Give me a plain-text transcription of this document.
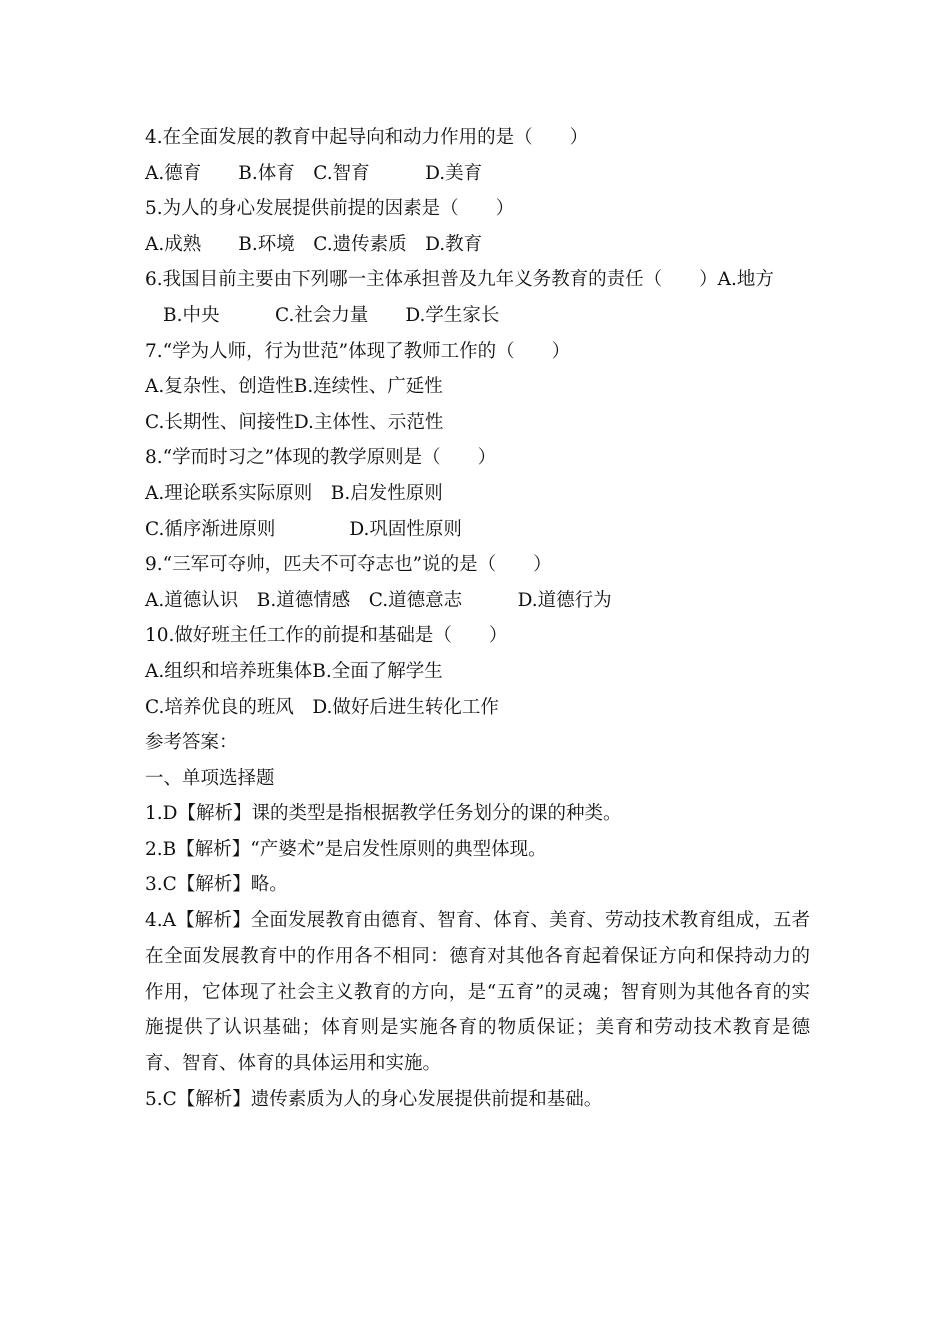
4.在全面发展的教育中起导向和动力作用的是（　　）
A.德育　　B.体育　C.智育　　　D.美育
5.为人的身心发展提供前提的因素是（　　）
A.成熟　　B.环境　C.遗传素质　D.教育
6.我国目前主要由下列哪一主体承担普及九年义务教育的责任（　　）A.地方
B.中央　　　C.社会力量　　D.学生家长
7.“学为人师，行为世范”体现了教师工作的（　　）
A.复杂性、创造性B.连续性、广延性
C.长期性、间接性D.主体性、示范性
8.“学而时习之”体现的教学原则是（　　）
A.理论联系实际原则　B.启发性原则
C.循序渐进原则　　　　D.巩固性原则
9.“三军可夺帅，匹夫不可夺志也”说的是（　　）
A.道德认识　B.道德情感　C.道德意志　　　D.道德行为
10.做好班主任工作的前提和基础是（　　）
A.组织和培养班集体B.全面了解学生
C.培养优良的班风　D.做好后进生转化工作
参考答案：
一、单项选择题
1.D【解析】课的类型是指根据教学任务划分的课的种类。
2.B【解析】“产婆术”是启发性原则的典型体现。
3.C【解析】略。

4.A【解析】全面发展教育由德育、智育、体育、美育、劳动技术教育组成，五者在全面发展教育中的作用各不相同：德育对其他各育起着保证方向和保持动力的作用，它体现了社会主义教育的方向，是“五育”的灵魂；智育则为其他各育的实施提供了认识基础；体育则是实施各育的物质保证；美育和劳动技术教育是德育、智育、体育的具体运用和实施。

5.C【解析】遗传素质为人的身心发展提供前提和基础。
